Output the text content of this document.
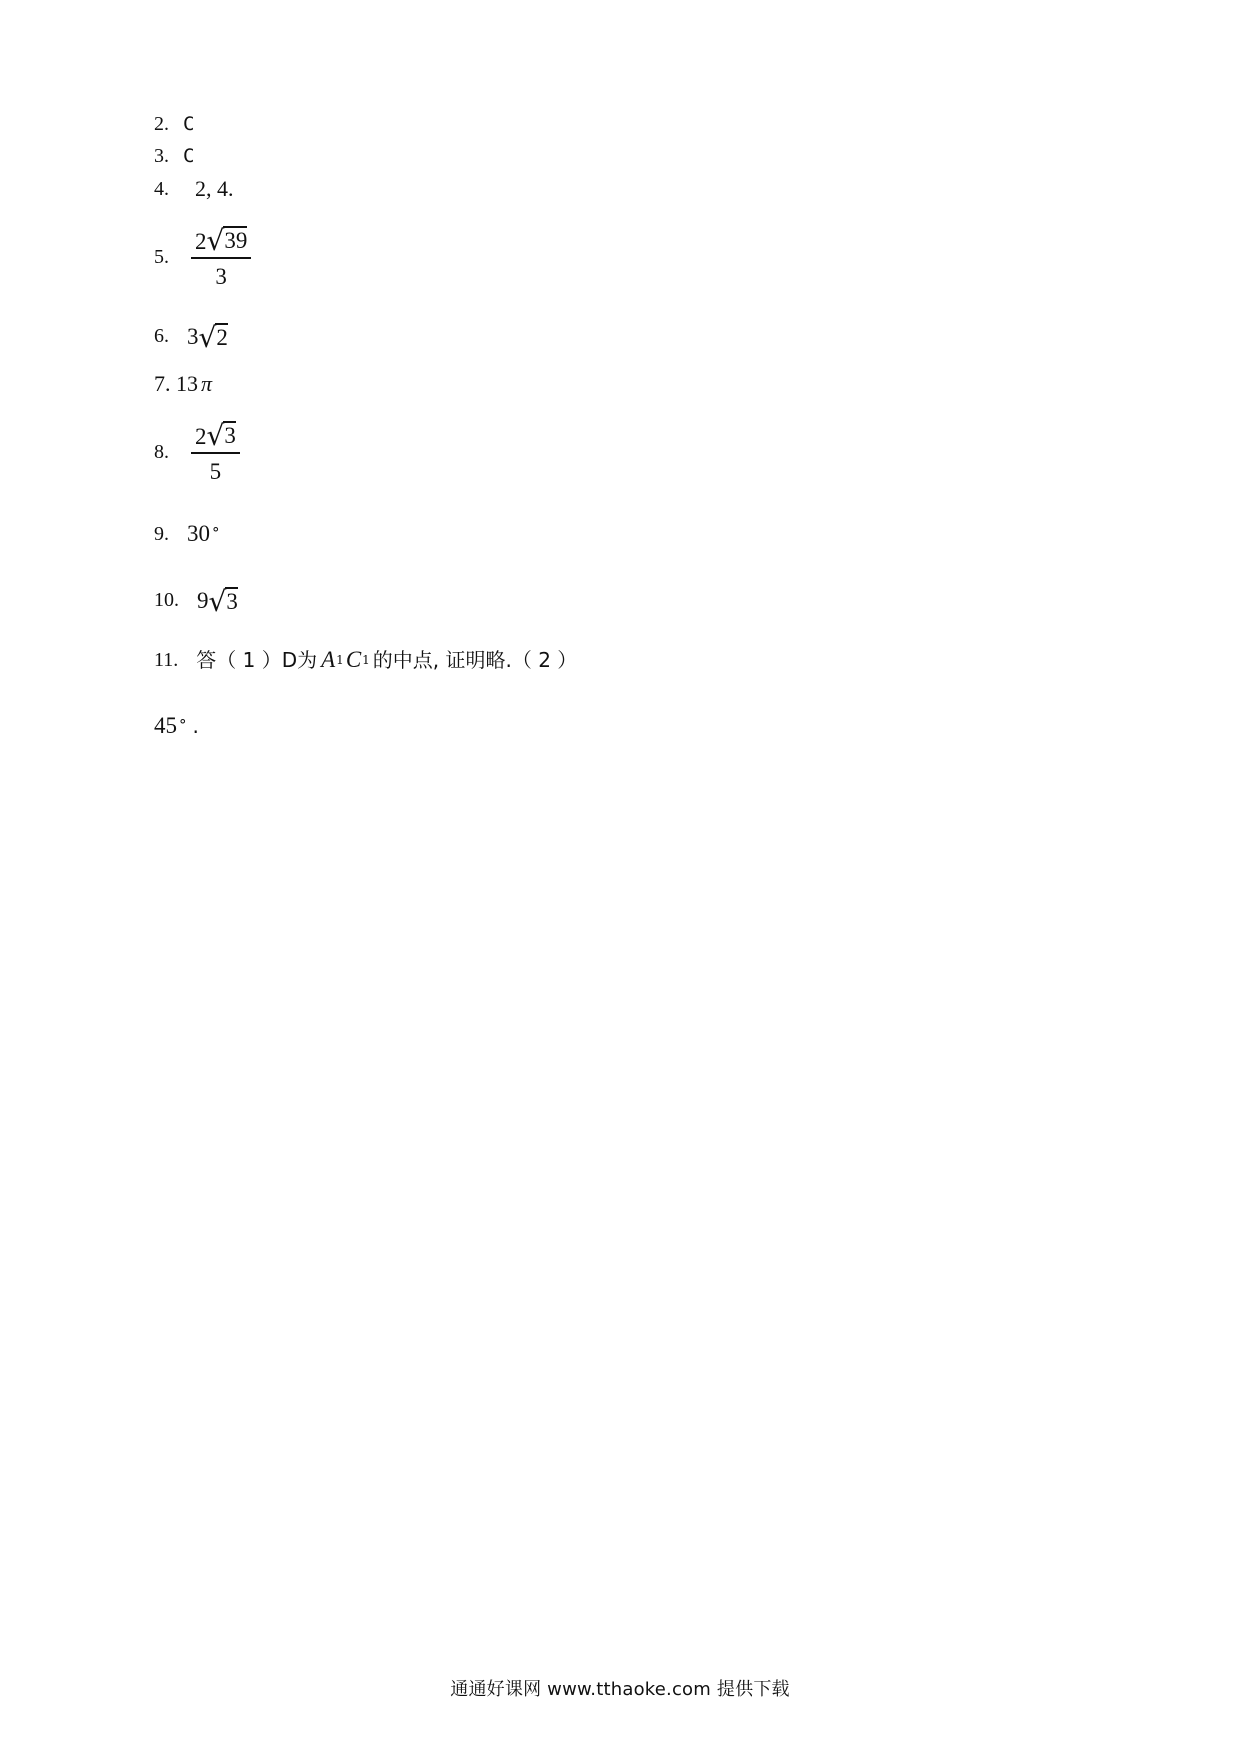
2. C
3. C
4. 2, 4.
5. $\frac{2 √ 39}{3}$
6. 3 √ 2
7. 13 π
8. $\frac{2 √ 3}{5}$
9. 30 °
10. 9 √ 3
11. 答（ 1 ）D为 A 1 C 1 的中点, 证明略.（ 2 ）
45 ° .
通通好课网 www.tthaoke.com 提供下载
